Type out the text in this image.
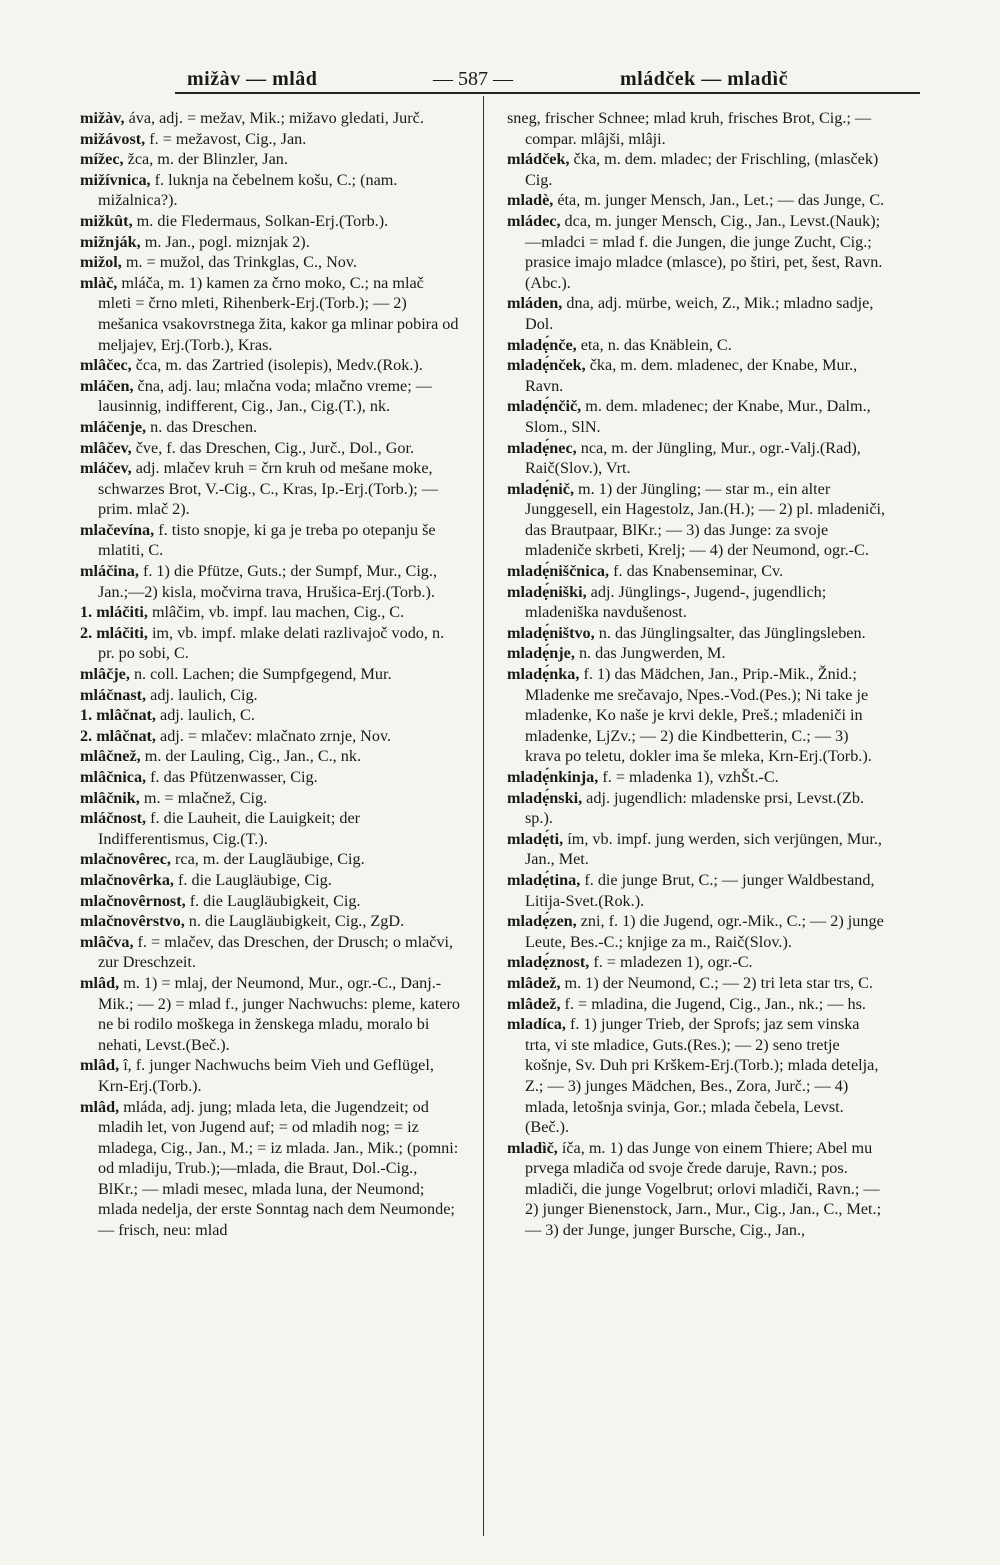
mižàv — mlâd	— 587 —	mládček — mladìč
mižàv, áva, adj. = mežav, Mik.; mižavo gledati, Jurč.
mižávost, f. = mežavost, Cig., Jan.
mížec, žca, m. der Blinzler, Jan.
mižívnica, f. luknja na čebelnem košu, C.; (nam. mižalnica?).
mižkût, m. die Fledermaus, Solkan-Erj.(Torb.).
mižnják, m. Jan., pogl. miznjak 2).
mižol, m. = mužol, das Trinkglas, C., Nov.
mlàč, mláča, m. 1) kamen za črno moko, C.; na mlač mleti = črno mleti, Rihenberk-Erj.(Torb.); — 2) mešanica vsakovrstnega žita, kakor ga mlinar pobira od meljajev, Erj.(Torb.), Kras.
mlâčec, čca, m. das Zartried (isolepis), Medv.(Rok.).
mláčen, čna, adj. lau; mlačna voda; mlačno vreme; — lausinnig, indifferent, Cig., Jan., Cig.(T.), nk.
mláčenje, n. das Dreschen.
mlâčev, čve, f. das Dreschen, Cig., Jurč., Dol., Gor.
mláčev, adj. mlačev kruh = črn kruh od mešane moke, schwarzes Brot, V.-Cig., C., Kras, Ip.-Erj.(Torb.); — prim. mlač 2).
mlačevína, f. tisto snopje, ki ga je treba po otepanju še mlatiti, C.
mláčina, f. 1) die Pfütze, Guts.; der Sumpf, Mur., Cig., Jan.;—2) kisla, močvirna trava, Hrušica-Erj.(Torb.).
1. mláčiti, mlâčim, vb. impf. lau machen, Cig., C.
2. mláčiti, im, vb. impf. mlake delati razlivajoč vodo, n. pr. po sobi, C.
mlâčje, n. coll. Lachen; die Sumpfgegend, Mur.
mláčnast, adj. laulich, Cig.
1. mlâčnat, adj. laulich, C.
2. mlâčnat, adj. = mlačev: mlačnato zrnje, Nov.
mlâčnež, m. der Lauling, Cig., Jan., C., nk.
mlâčnica, f. das Pfützenwasser, Cig.
mlâčnik, m. = mlačnež, Cig.
mláčnost, f. die Lauheit, die Lauigkeit; der Indifferentismus, Cig.(T.).
mlačnovêrec, rca, m. der Laugläubige, Cig.
mlačnovêrka, f. die Laugläubige, Cig.
mlačnovêrnost, f. die Laugläubigkeit, Cig.
mlačnovêrstvo, n. die Laugläubigkeit, Cig., ZgD.
mlâčva, f. = mlačev, das Dreschen, der Drusch; o mlačvi, zur Dreschzeit.
mlâd, m. 1) = mlaj, der Neumond, Mur., ogr.-C., Danj.-Mik.; — 2) = mlad f., junger Nachwuchs: pleme, katero ne bi rodilo moškega in ženskega mladu, moralo bi nehati, Levst.(Beč.).
mlâd, î, f. junger Nachwuchs beim Vieh und Geflügel, Krn-Erj.(Torb.).
mlâd, mláda, adj. jung; mlada leta, die Jugendzeit; od mladih let, von Jugend auf; = od mladih nog; = iz mladega, Cig., Jan., M.; = iz mlada. Jan., Mik.; (pomni: od mladiju, Trub.);—mlada, die Braut, Dol.-Cig., BlKr.; — mladi mesec, mlada luna, der Neumond; mlada nedelja, der erste Sonntag nach dem Neumonde; — frisch, neu: mlad
sneg, frischer Schnee; mlad kruh, frisches Brot, Cig.; — compar. mlâjši, mlâji.
mládček, čka, m. dem. mladec; der Frischling, (mlasček) Cig.
mladè, éta, m. junger Mensch, Jan., Let.; — das Junge, C.
mládec, dca, m. junger Mensch, Cig., Jan., Levst.(Nauk);—mladci = mlad f. die Jungen, die junge Zucht, Cig.; prasice imajo mladce (mlasce), po štiri, pet, šest, Ravn.(Abc.).
mláden, dna, adj. mürbe, weich, Z., Mik.; mladno sadje, Dol.
mladẹ́nče, eta, n. das Knäblein, C.
mladẹ́nček, čka, m. dem. mladenec, der Knabe, Mur., Ravn.
mladẹ́nčič, m. dem. mladenec; der Knabe, Mur., Dalm., Slom., SlN.
mladẹ́nec, nca, m. der Jüngling, Mur., ogr.-Valj.(Rad), Raič(Slov.), Vrt.
mladẹ́nič, m. 1) der Jüngling; — star m., ein alter Junggesell, ein Hagestolz, Jan.(H.); — 2) pl. mladeniči, das Brautpaar, BlKr.; — 3) das Junge: za svoje mladeniče skrbeti, Krelj; — 4) der Neumond, ogr.-C.
mladẹ́niščnica, f. das Knabenseminar, Cv.
mladẹ́niški, adj. Jünglings-, Jugend-, jugendlich; mladeniška navdušenost.
mladẹ́ništvo, n. das Jünglingsalter, das Jünglingsleben.
mladẹ́nje, n. das Jungwerden, M.
mladẹ́nka, f. 1) das Mädchen, Jan., Prip.-Mik., Žnid.; Mladenke me srečavajo, Npes.-Vod.(Pes.); Ni take je mladenke, Ko naše je krvi dekle, Preš.; mladeniči in mladenke, LjZv.; — 2) die Kindbetterin, C.; — 3) krava po teletu, dokler ima še mleka, Krn-Erj.(Torb.).
mladẹ́nkinja, f. = mladenka 1), vzhŠt.-C.
mladẹ́nski, adj. jugendlich: mladenske prsi, Levst.(Zb. sp.).
mladẹ́ti, ím, vb. impf. jung werden, sich verjüngen, Mur., Jan., Met.
mladẹ́tina, f. die junge Brut, C.; — junger Waldbestand, Litija-Svet.(Rok.).
mladẹ́zen, zni, f. 1) die Jugend, ogr.-Mik., C.; — 2) junge Leute, Bes.-C.; knjige za m., Raič(Slov.).
mladẹ́znost, f. = mladezen 1), ogr.-C.
mlâdež, m. 1) der Neumond, C.; — 2) tri leta star trs, C.
mlâdež, f. = mladina, die Jugend, Cig., Jan., nk.; — hs.
mladíca, f. 1) junger Trieb, der Sprofs; jaz sem vinska trta, vi ste mladice, Guts.(Res.); — 2) seno tretje košnje, Sv. Duh pri Krškem-Erj.(Torb.); mlada detelja, Z.; — 3) junges Mädchen, Bes., Zora, Jurč.; — 4) mlada, letošnja svinja, Gor.; mlada čebela, Levst.(Beč.).
mladìč, íča, m. 1) das Junge von einem Thiere; Abel mu prvega mladiča od svoje črede daruje, Ravn.; pos. mladiči, die junge Vogelbrut; orlovi mladiči, Ravn.; — 2) junger Bienenstock, Jarn., Mur., Cig., Jan., C., Met.; — 3) der Junge, junger Bursche, Cig., Jan.,
